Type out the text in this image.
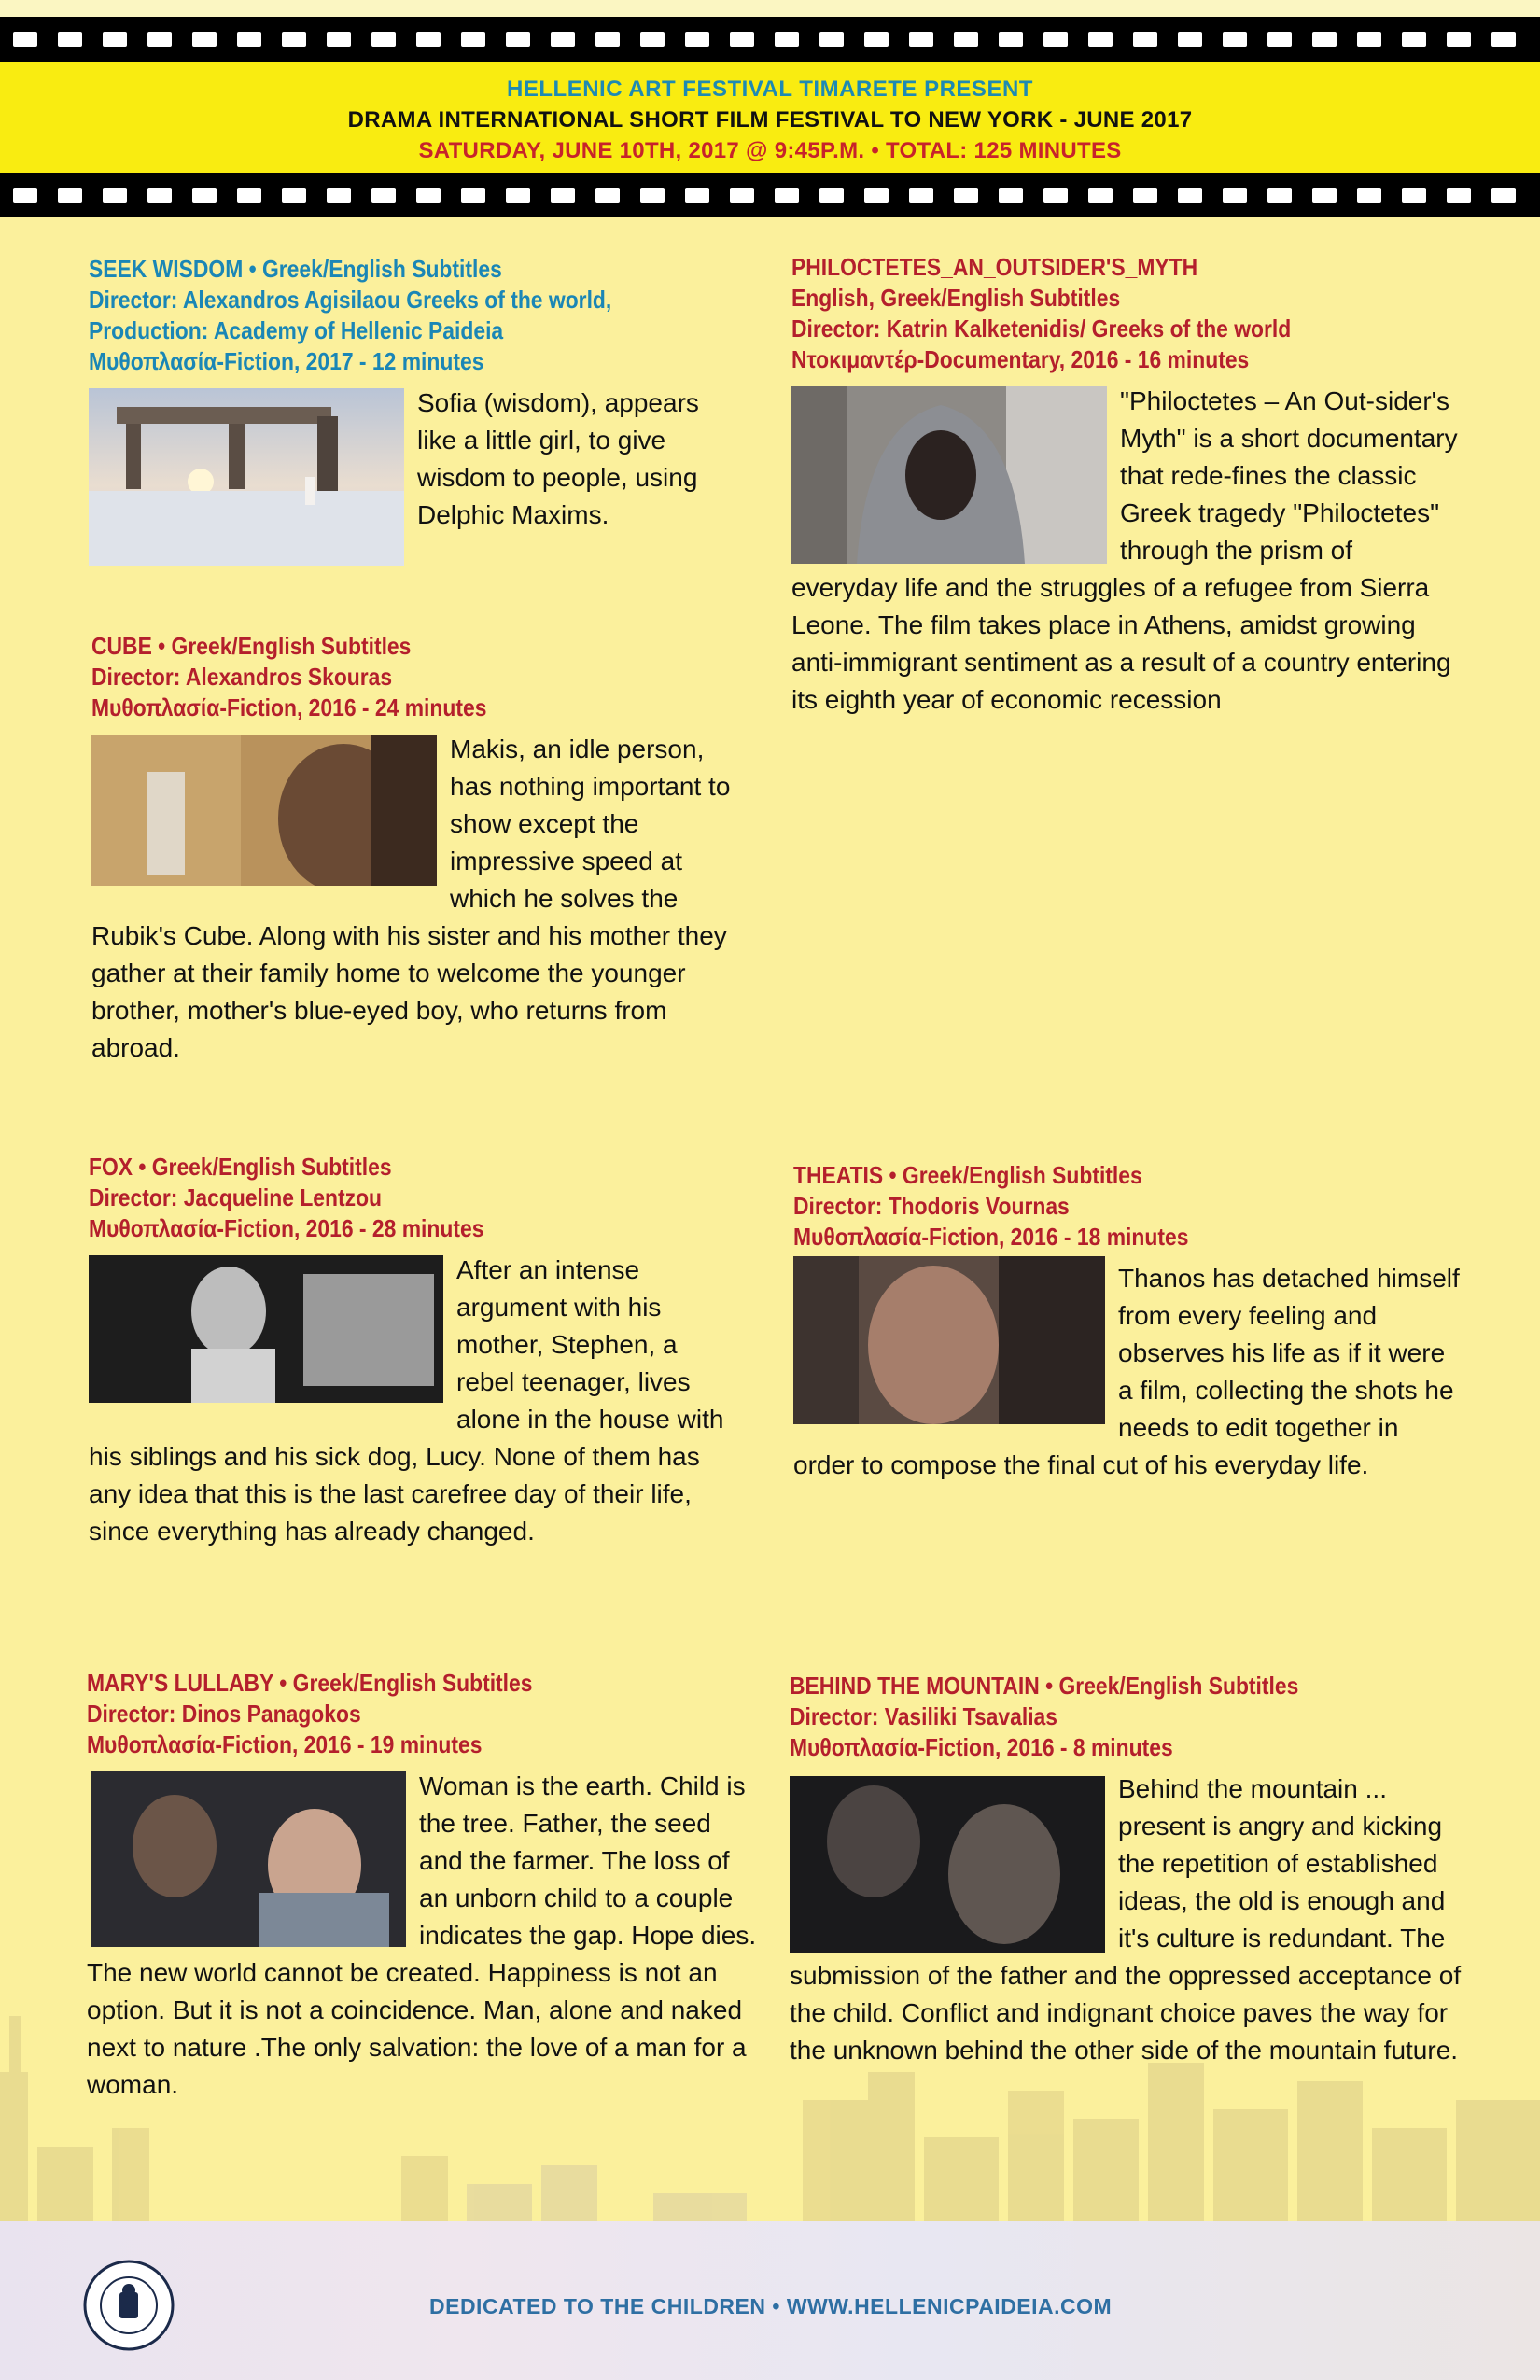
HELLENIC ART FESTIVAL TIMARETE PRESENT
DRAMA INTERNATIONAL SHORT FILM FESTIVAL TO NEW YORK - JUNE 2017
SATURDAY, JUNE 10TH, 2017 @ 9:45P.M. • TOTAL: 125 MINUTES
SEEK WISDOM • Greek/English Subtitles
Director: Alexandros Agisilaou Greeks of the world,
Production: Academy of Hellenic Paideia
Μυθοπλασία-Fiction, 2017 - 12 minutes
Sofia (wisdom), appears like a little girl, to give wisdom to people, using Delphic Maxims.
PHILOCTETES_AN_OUTSIDER'S_MYTH
English, Greek/English Subtitles
Director: Katrin Kalketenidis/ Greeks of the world
Ντοκιμαντέρ-Documentary, 2016 - 16 minutes
"Philoctetes – An Out-sider's Myth" is a short documentary that rede-fines the classic Greek tragedy "Philoctetes" through the prism of everyday life and the struggles of a refugee from Sierra Leone. The film takes place in Athens, amidst growing anti-immigrant sentiment as a result of a country entering its eighth year of economic recession
CUBE • Greek/English Subtitles
Director: Alexandros Skouras
Μυθοπλασία-Fiction, 2016 - 24 minutes
Makis, an idle person, has nothing important to show except the impressive speed at which he solves the Rubik's Cube. Along with his sister and his mother they gather at their family home to welcome the younger brother, mother's blue-eyed boy, who returns from abroad.
FOX • Greek/English Subtitles
Director: Jacqueline Lentzou
Μυθοπλασία-Fiction, 2016 - 28 minutes
After an intense argument with his mother, Stephen, a rebel teenager, lives alone in the house with his siblings and his sick dog, Lucy. None of them has any idea that this is the last carefree day of their life, since everything has already changed.
THEATIS • Greek/English Subtitles
Director: Thodoris Vournas
Μυθοπλασία-Fiction, 2016 - 18 minutes
Thanos has detached himself from every feeling and observes his life as if it were a film, collecting the shots he needs to edit together in order to compose the final cut of his everyday life.
MARY'S LULLABY • Greek/English Subtitles
Director: Dinos Panagokos
Μυθοπλασία-Fiction, 2016 - 19 minutes
Woman is the earth. Child is the tree. Father, the seed and the farmer. The loss of an unborn child to a couple indicates the gap. Hope dies. The new world cannot be created. Happiness is not an option. But it is not a coincidence. Man, alone and naked next to nature .The only salvation: the love of a man for a woman.
BEHIND THE MOUNTAIN • Greek/English Subtitles
Director: Vasiliki Tsavalias
Μυθοπλασία-Fiction, 2016 - 8 minutes
Behind the mountain ... present is angry and kicking the repetition of established ideas, the old is enough and it's culture is redundant. The submission of the father and the oppressed acceptance of the child. Conflict and indignant choice paves the way for the unknown behind the other side of the mountain future.
DEDICATED TO THE CHILDREN • WWW.HELLENICPAIDEIA.COM
